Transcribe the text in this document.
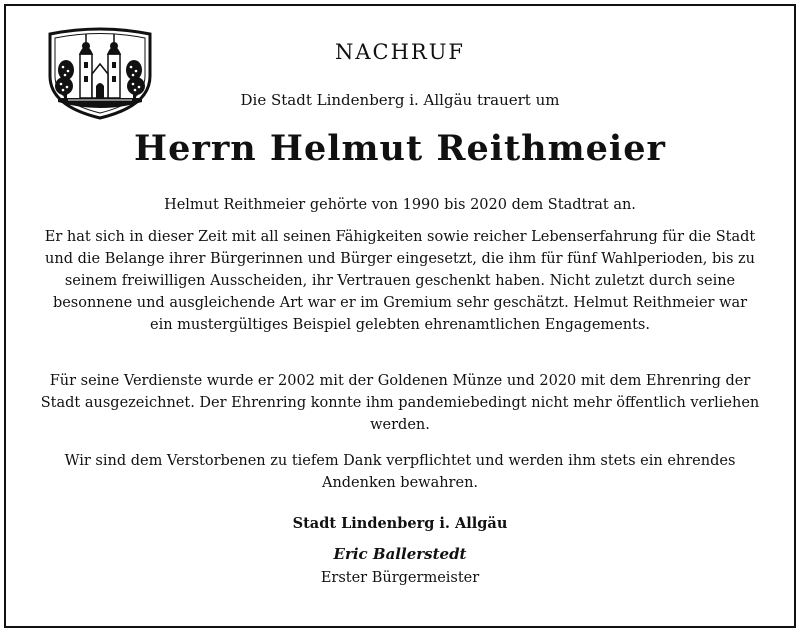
NACHRUF

Die Stadt Lindenberg i. Allgäu trauert um

Herrn Helmut Reithmeier

Helmut Reithmeier gehörte von 1990 bis 2020 dem Stadtrat an.

Er hat sich in dieser Zeit mit all seinen Fähigkeiten sowie reicher Lebenserfahrung für die Stadt und die Belange ihrer Bürgerinnen und Bürger eingesetzt, die ihm für fünf Wahlperioden, bis zu seinem freiwilligen Ausscheiden, ihr Vertrauen geschenkt haben. Nicht zuletzt durch seine besonnene und ausgleichende Art war er im Gremium sehr geschätzt. Helmut Reithmeier war ein mustergültiges Beispiel gelebten ehrenamtlichen Engagements.

Für seine Verdienste wurde er 2002 mit der Goldenen Münze und 2020 mit dem Ehrenring der Stadt ausgezeichnet. Der Ehrenring konnte ihm pandemiebedingt nicht mehr öffentlich verliehen werden.

Wir sind dem Verstorbenen zu tiefem Dank verpflichtet und werden ihm stets ein ehrendes Andenken bewahren.

Stadt Lindenberg i. Allgäu

Eric Ballerstedt

Erster Bürgermeister
